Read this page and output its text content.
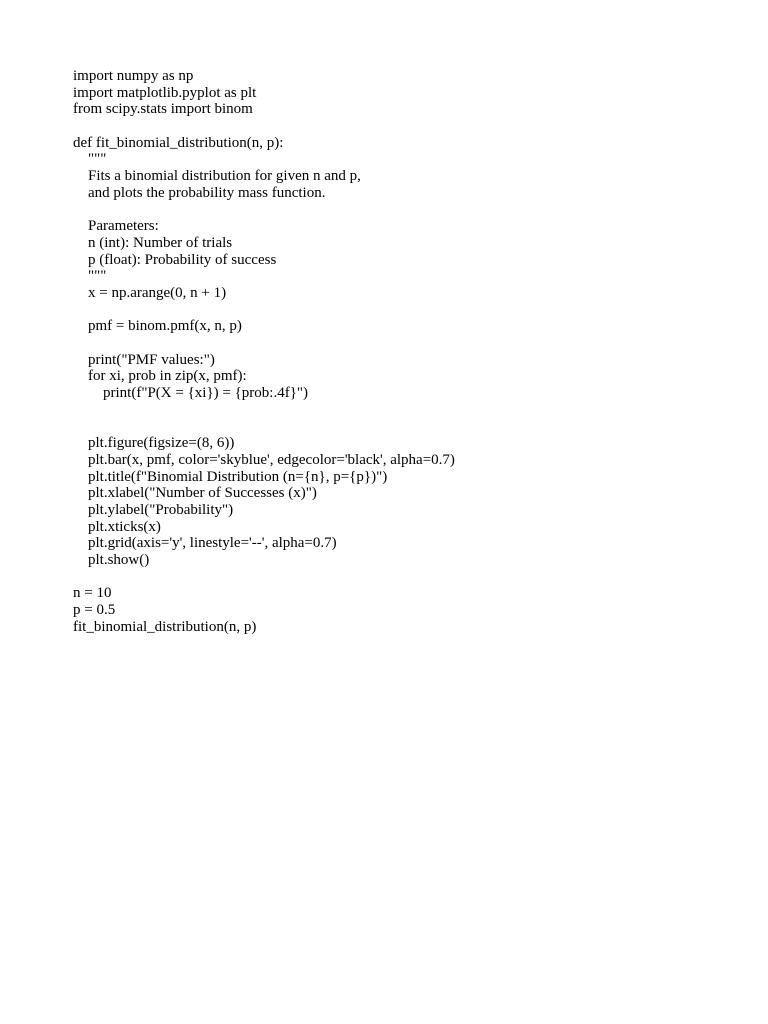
import numpy as np
import matplotlib.pyplot as plt
from scipy.stats import binom
def fit_binomial_distribution(n, p):
"""
Fits a binomial distribution for given n and p,
and plots the probability mass function.
Parameters:
n (int): Number of trials
p (float): Probability of success
"""
x = np.arange(0, n + 1)
pmf = binom.pmf(x, n, p)
print("PMF values:")
for xi, prob in zip(x, pmf):
print(f"P(X = {xi}) = {prob:.4f}")
plt.figure(figsize=(8, 6))
plt.bar(x, pmf, color='skyblue', edgecolor='black', alpha=0.7)
plt.title(f"Binomial Distribution (n={n}, p={p})")
plt.xlabel("Number of Successes (x)")
plt.ylabel("Probability")
plt.xticks(x)
plt.grid(axis='y', linestyle='--', alpha=0.7)
plt.show()
n = 10
p = 0.5
fit_binomial_distribution(n, p)
